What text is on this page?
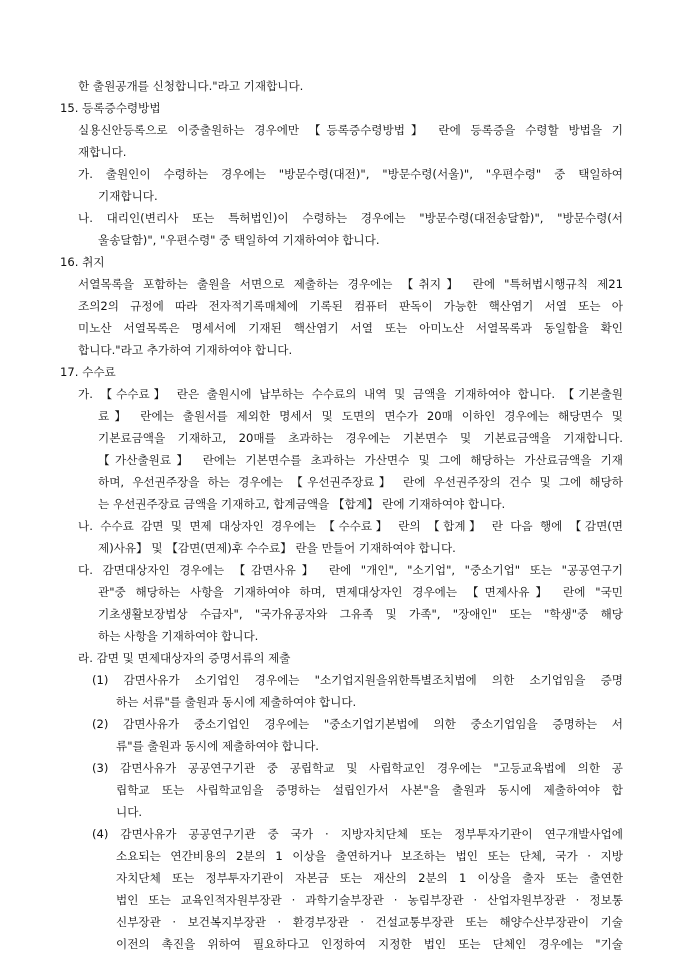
한 출원공개를 신청합니다."라고 기재합니다.
15. 등록증수령방법
실용신안등록으로 이중출원하는 경우에만 【등록증수령방법】 란에 등록증을 수령할 방법을 기
재합니다.
가. 출원인이 수령하는 경우에는 "방문수령(대전)", "방문수령(서울)", "우편수령" 중 택일하여
기재합니다.
나. 대리인(변리사 또는 특허법인)이 수령하는 경우에는 "방문수령(대전송달함)", "방문수령(서
울송달함)", "우편수령" 중 택일하여 기재하여야 합니다.
16. 취지
서열목록을 포함하는 출원을 서면으로 제출하는 경우에는 【취지】 란에 "특허법시행규칙 제21
조의2의 규정에 따라 전자적기록매체에 기록된 컴퓨터 판독이 가능한 핵산염기 서열 또는 아
미노산 서열목록은 명세서에 기재된 핵산염기 서열 또는 아미노산 서열목록과 동일함을 확인
합니다."라고 추가하여 기재하여야 합니다.
17. 수수료
가. 【수수료】 란은 출원시에 납부하는 수수료의 내역 및 금액을 기재하여야 합니다. 【기본출원
료】 란에는 출원서를 제외한 명세서 및 도면의 면수가 20매 이하인 경우에는 해당면수 및
기본료금액을 기재하고, 20매를 초과하는 경우에는 기본면수 및 기본료금액을 기재합니다.
【가산출원료】 란에는 기본면수를 초과하는 가산면수 및 그에 해당하는 가산료금액을 기재
하며, 우선권주장을 하는 경우에는 【우선권주장료】 란에 우선권주장의 건수 및 그에 해당하
는 우선권주장료 금액을 기재하고, 합계금액을 【합계】 란에 기재하여야 합니다.
나. 수수료 감면 및 면제 대상자인 경우에는 【수수료】 란의 【합계】 란 다음 행에 【감면(면
제)사유】 및 【감면(면제)후 수수료】 란을 만들어 기재하여야 합니다.
다. 감면대상자인 경우에는 【감면사유】 란에 "개인", "소기업", "중소기업" 또는 "공공연구기
관"중 해당하는 사항을 기재하여야 하며, 면제대상자인 경우에는 【면제사유】 란에 "국민
기초생활보장법상 수급자", "국가유공자와 그유족 및 가족", "장애인" 또는 "학생"중 해당
하는 사항을 기재하여야 합니다.
라. 감면 및 면제대상자의 증명서류의 제출
(1) 감면사유가 소기업인 경우에는 "소기업지원을위한특별조치법에 의한 소기업임을 증명
하는 서류"를 출원과 동시에 제출하여야 합니다.
(2) 감면사유가 중소기업인 경우에는 "중소기업기본법에 의한 중소기업임을 증명하는 서
류"를 출원과 동시에 제출하여야 합니다.
(3) 감면사유가 공공연구기관 중 공립학교 및 사립학교인 경우에는 "고등교육법에 의한 공
립학교 또는 사립학교임을 증명하는 설립인가서 사본"을 출원과 동시에 제출하여야 합
니다.
(4) 감면사유가 공공연구기관 중 국가 · 지방자치단체 또는 정부투자기관이 연구개발사업에
소요되는 연간비용의 2분의 1 이상을 출연하거나 보조하는 법인 또는 단체, 국가 · 지방
자치단체 또는 정부투자기관이 자본금 또는 재산의 2분의 1 이상을 출자 또는 출연한
법인 또는 교육인적자원부장관 · 과학기술부장관 · 농림부장관 · 산업자원부장관 · 정보통
신부장관 · 보건복지부장관 · 환경부장관 · 건설교통부장관 또는 해양수산부장관이 기술
이전의 촉진을 위하여 필요하다고 인정하여 지정한 법인 또는 단체인 경우에는 "기술
